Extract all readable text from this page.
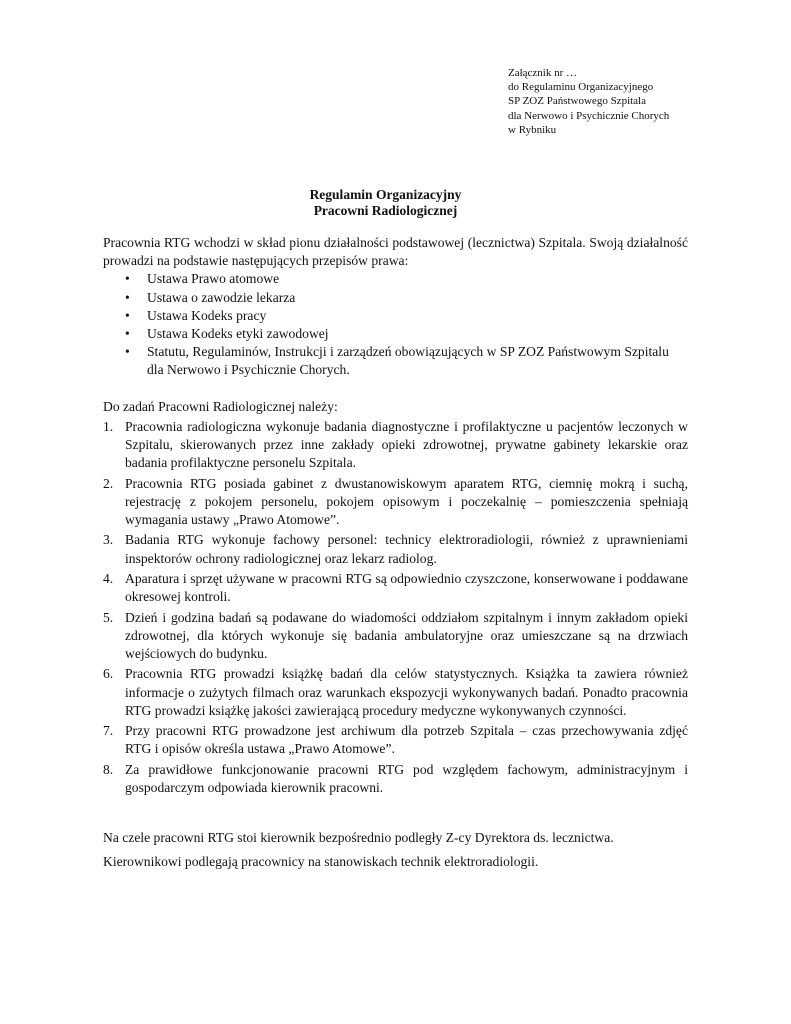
Załącznik nr …
do Regulaminu Organizacyjnego
SP ZOZ Państwowego Szpitala
dla Nerwowo i Psychicznie Chorych
w Rybniku
Regulamin Organizacyjny
Pracowni Radiologicznej

Pracownia RTG wchodzi w skład pionu działalności podstawowej (lecznictwa) Szpitala. Swoją działalność prowadzi na podstawie następujących przepisów prawa:

• Ustawa Prawo atomowe
• Ustawa o zawodzie lekarza
• Ustawa Kodeks pracy
• Ustawa Kodeks etyki zawodowej
• Statutu, Regulaminów, Instrukcji i zarządzeń obowiązujących w SP ZOZ Państwowym Szpitalu dla Nerwowo i Psychicznie Chorych.

Do zadań Pracowni Radiologicznej należy:

1. Pracownia radiologiczna wykonuje badania diagnostyczne i profilaktyczne u pacjentów leczonych w Szpitalu, skierowanych przez inne zakłady opieki zdrowotnej, prywatne gabinety lekarskie oraz badania profilaktyczne personelu Szpitala.
2. Pracownia RTG posiada gabinet z dwustanowiskowym aparatem RTG, ciemnię mokrą i suchą, rejestrację z pokojem personelu, pokojem opisowym i poczekalnię – pomieszczenia spełniają wymagania ustawy „Prawo Atomowe”.
3. Badania RTG wykonuje fachowy personel: technicy elektroradiologii, również z uprawnieniami inspektorów ochrony radiologicznej oraz lekarz radiolog.
4. Aparatura i sprzęt używane w pracowni RTG są odpowiednio czyszczone, konserwowane i poddawane okresowej kontroli.
5. Dzień i godzina badań są podawane do wiadomości oddziałom szpitalnym i innym zakładom opieki zdrowotnej, dla których wykonuje się badania ambulatoryjne oraz umieszczane są na drzwiach wejściowych do budynku.
6. Pracownia RTG prowadzi książkę badań dla celów statystycznych. Książka ta zawiera również informacje o zużytych filmach oraz warunkach ekspozycji wykonywanych badań. Ponadto pracownia RTG prowadzi książkę jakości zawierającą procedury medyczne wykonywanych czynności.
7. Przy pracowni RTG prowadzone jest archiwum dla potrzeb Szpitala – czas przechowywania zdjęć RTG i opisów określa ustawa „Prawo Atomowe”.
8. Za prawidłowe funkcjonowanie pracowni RTG pod względem fachowym, administracyjnym i gospodarczym odpowiada kierownik pracowni.

Na czele pracowni RTG stoi kierownik bezpośrednio podległy Z-cy Dyrektora ds. lecznictwa.

Kierownikowi podlegają pracownicy na stanowiskach technik elektroradiologii.
